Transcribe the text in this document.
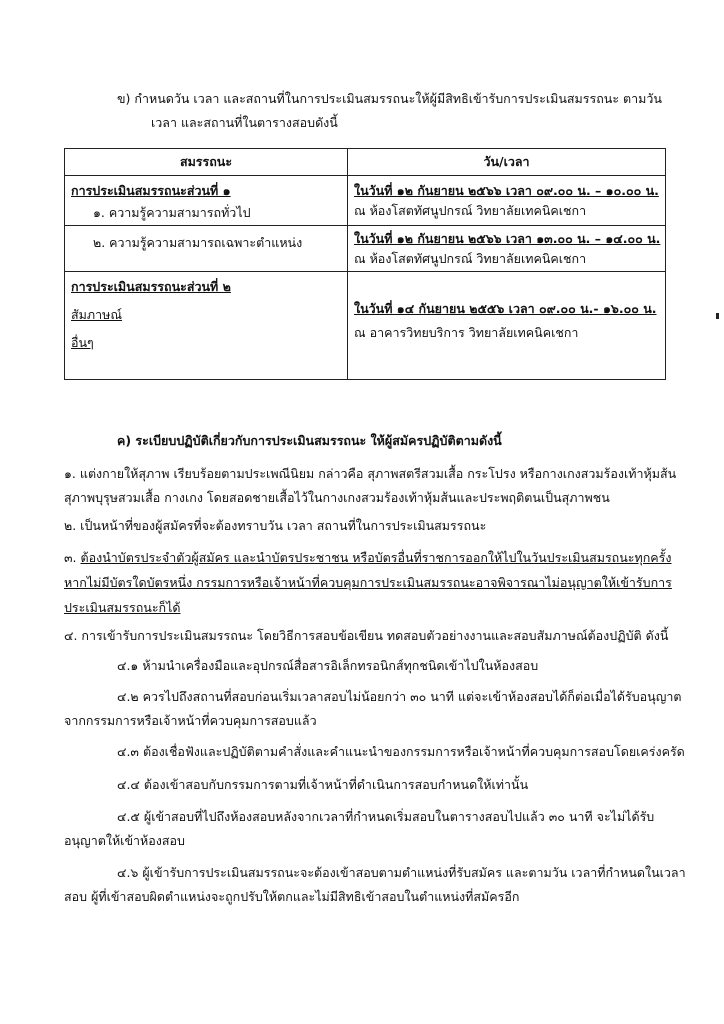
ข) กำหนดวัน เวลา และสถานที่ในการประเมินสมรรถนะให้ผู้มีสิทธิเข้ารับการประเมินสมรรถนะ ตามวัน
เวลา และสถานที่ในตารางสอบดังนี้
สมรรถนะ	วัน/เวลา

การประเมินสมรรถนะส่วนที่ ๑
๑. ความรู้ความสามารถทั่วไป	ในวันที่ ๑๒ กันยายน ๒๕๖๖ เวลา ๐๙.๐๐ น. – ๑๐.๐๐ น.
ณ ห้องโสตทัศนูปกรณ์ วิทยาลัยเทคนิคเชกา

๒. ความรู้ความสามารถเฉพาะตำแหน่ง	ในวันที่ ๑๒ กันยายน ๒๕๖๖ เวลา ๑๓.๐๐ น. – ๑๔.๐๐ น.
ณ ห้องโสตทัศนูปกรณ์ วิทยาลัยเทคนิคเชกา

การประเมินสมรรถนะส่วนที่ ๒
สัมภาษณ์
อื่นๆ	ในวันที่ ๑๔ กันยายน ๒๕๕๖ เวลา ๐๙.๐๐ น.- ๑๖.๐๐ น.
ณ อาคารวิทยบริการ วิทยาลัยเทคนิคเชกา
ค) ระเบียบปฏิบัติเกี่ยวกับการประเมินสมรรถนะ ให้ผู้สมัครปฏิบัติตามดังนี้
๑. แต่งกายให้สุภาพ เรียบร้อยตามประเพณีนิยม กล่าวคือ สุภาพสตรีสวมเสื้อ กระโปรง หรือกางเกงสวมร้องเท้าหุ้มส้น
สุภาพบุรุษสวมเสื้อ กางเกง โดยสอดชายเสื้อไว้ในกางเกงสวมร้องเท้าหุ้มส้นและประพฤติตนเป็นสุภาพชน
๒. เป็นหน้าที่ของผู้สมัครที่จะต้องทราบวัน เวลา สถานที่ในการประเมินสมรรถนะ
๓. ต้องนำบัตรประจำตัวผู้สมัคร และนำบัตรประชาชน หรือบัตรอื่นที่ราชการออกให้ไปในวันประเมินสมรถนะทุกครั้ง
หากไม่มีบัตรใดบัตรหนึ่ง กรรมการหรือเจ้าหน้าที่ควบคุมการประเมินสมรรถนะอาจพิจารณาไม่อนุญาตให้เข้ารับการ
ประเมินสมรรถนะก็ได้
๔. การเข้ารับการประเมินสมรรถนะ โดยวิธีการสอบข้อเขียน ทดสอบตัวอย่างงานและสอบสัมภาษณ์ต้องปฏิบัติ ดังนี้
๔.๑ ห้ามนำเครื่องมือและอุปกรณ์สื่อสารอิเล็กทรอนิกส์ทุกชนิดเข้าไปในห้องสอบ
๔.๒ ควรไปถึงสถานที่สอบก่อนเริ่มเวลาสอบไม่น้อยกว่า ๓๐ นาที แต่จะเข้าห้องสอบได้ก็ต่อเมื่อได้รับอนุญาต
จากกรรมการหรือเจ้าหน้าที่ควบคุมการสอบแล้ว
๔.๓ ต้องเชื่อฟังและปฏิบัติตามคำสั่งและคำแนะนำของกรรมการหรือเจ้าหน้าที่ควบคุมการสอบโดยเคร่งครัด
๔.๔ ต้องเข้าสอบกับกรรมการตามที่เจ้าหน้าที่ดำเนินการสอบกำหนดให้เท่านั้น
๔.๕ ผู้เข้าสอบที่ไปถึงห้องสอบหลังจากเวลาที่กำหนดเริ่มสอบในตารางสอบไปแล้ว ๓๐ นาที จะไม่ได้รับ
อนุญาตให้เข้าห้องสอบ
๔.๖ ผู้เข้ารับการประเมินสมรรถนะจะต้องเข้าสอบตามตำแหน่งที่รับสมัคร และตามวัน เวลาที่กำหนดในเวลา
สอบ ผู้ที่เข้าสอบผิดตำแหน่งจะถูกปรับให้ตกและไม่มีสิทธิเข้าสอบในตำแหน่งที่สมัครอีก
